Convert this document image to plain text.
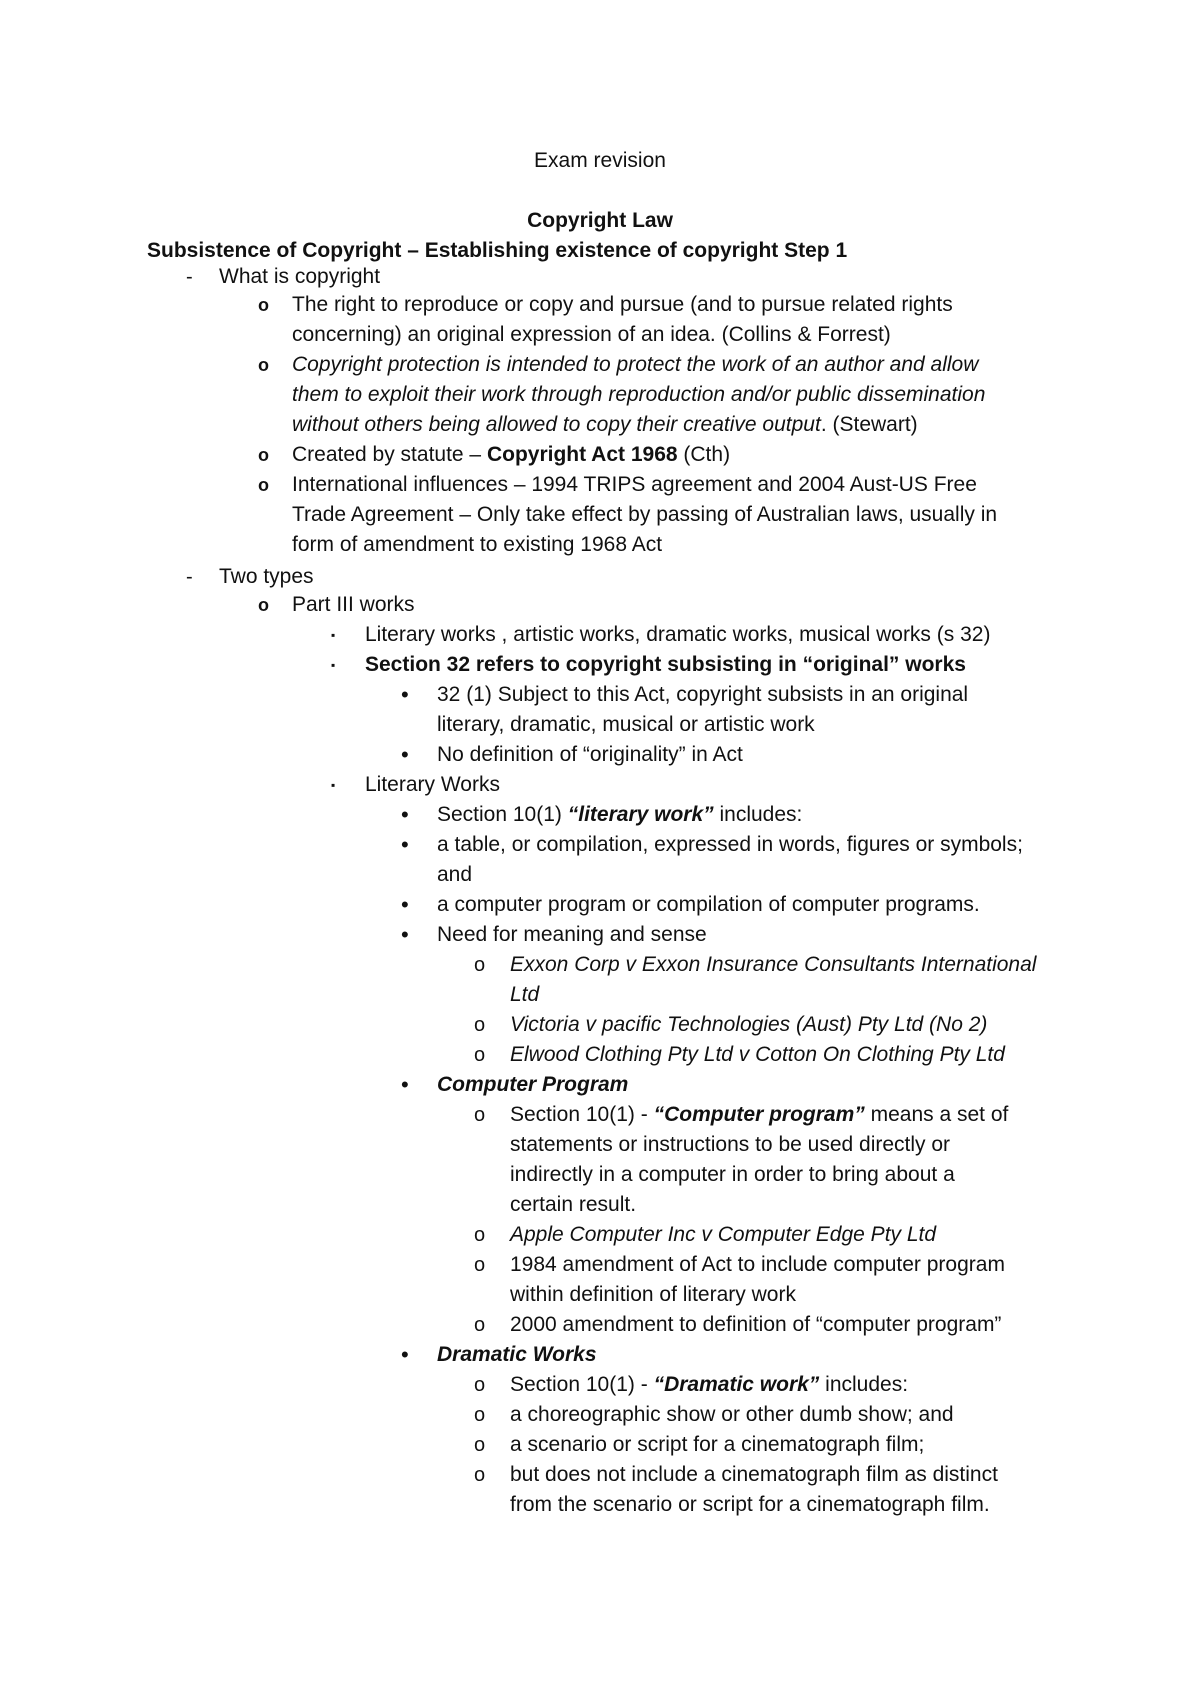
Exam revision
Copyright Law
Subsistence of Copyright – Establishing existence of copyright Step 1
- What is copyright
o The right to reproduce or copy and pursue (and to pursue related rights
concerning) an original expression of an idea. (Collins & Forrest)
o Copyright protection is intended to protect the work of an author and allow
them to exploit their work through reproduction and/or public dissemination
without others being allowed to copy their creative output. (Stewart)
o Created by statute – Copyright Act 1968 (Cth)
o International influences – 1994 TRIPS agreement and 2004 Aust-US Free
Trade Agreement – Only take effect by passing of Australian laws, usually in
form of amendment to existing 1968 Act
- Two types
o Part III works
▪ Literary works , artistic works, dramatic works, musical works (s 32)
▪ Section 32 refers to copyright subsisting in “original” works
• 32 (1) Subject to this Act, copyright subsists in an original
literary, dramatic, musical or artistic work
• No definition of “originality” in Act
▪ Literary Works
• Section 10(1) “literary work” includes:
• a table, or compilation, expressed in words, figures or symbols;
and
• a computer program or compilation of computer programs.
• Need for meaning and sense
o Exxon Corp v Exxon Insurance Consultants International
Ltd
o Victoria v pacific Technologies (Aust) Pty Ltd (No 2)
o Elwood Clothing Pty Ltd v Cotton On Clothing Pty Ltd
• Computer Program
o Section 10(1) - “Computer program” means a set of
statements or instructions to be used directly or
indirectly in a computer in order to bring about a
certain result.
o Apple Computer Inc v Computer Edge Pty Ltd
o 1984 amendment of Act to include computer program
within definition of literary work
o 2000 amendment to definition of “computer program”
• Dramatic Works
o Section 10(1) - “Dramatic work” includes:
o a choreographic show or other dumb show; and
o a scenario or script for a cinematograph film;
o but does not include a cinematograph film as distinct
from the scenario or script for a cinematograph film.
